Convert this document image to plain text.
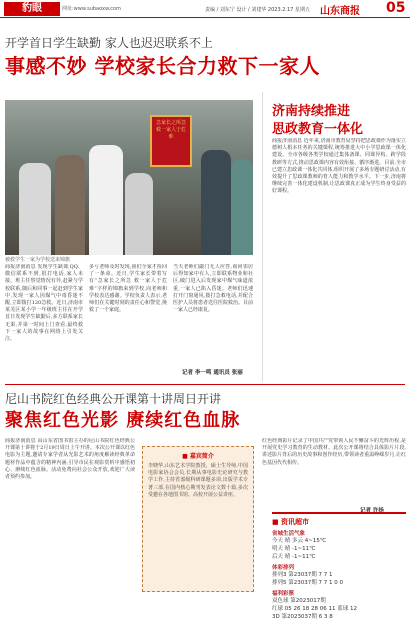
豹眼	网址:www.subaoxw.com	责编 / 刘东宁 设计 / 刘建华 2023.2.17 星期五 山东商报 05
开学首日学生缺勤 家人也迟迟联系不上
事感不妙 学校家长合力救下一家人
急家长之所急 救一家人于危难
被救学生一家为学校送来锦旗
商报济南消息 发现学生缺课,QQ、微信联系不到,很打电话,家人未接。班主任察觉情况有异,赶紧与学校联系,随后和同事一起赶到学生家中,发现一家人因煤气中毒昏迷不醒,立即拨打120急救。近日,济南市莱芜区某小学一年级班主任在开学首日发现学生缺勤后,多方联系家长无果,并第一时间上门查看,最终救下一家人的故事在网络上引发关注。
多亏老师及时发现,我们全家才捡回了一条命。近日,学生家长带着写有“急家长之所急 救一家人于危难”字样的锦旗来到学校,向老师和学校表达感谢。学校负责人表示,老师们在关键时刻的责任心和警觉,挽救了一个家庭。
当天老师们敲门无人应答,询问邻居后得知家中有人,立即联系物业和社区,破门进入后发现家中煤气味道浓重,一家人已陷入昏迷。老师们迅速打开门窗通风,拨打急救电话,并配合医护人员将患者送往医院救治。目前一家人已经康复。
记者 李一鸣 通讯员 张丽
济南持续推进
思政教育一体化
商报济南消息 近年来,济南市教育局坚持把思政课作为落实立德树人根本任务的关键课程,统筹推进大中小学思政课一体化建设。全市各级各类学校通过集体备课、同课异构、跨学段教研等方式,推动思政课内容有效衔接、循序渐进。目前,全市已建立思政课一体化共同体,组织开展了多场专题研讨活动,有效提升了思政课教师的育人能力和教学水平。下一步,济南将继续完善一体化建设机制,让思政课真正成为学生终身受益的好课程。
尼山书院红色经典公开课第十讲周日开讲
聚焦红色光影 赓续红色血脉
商报济南消息 由山东省图书馆主办的尼山书院红色经典公开课第十讲将于2月19日周日上午开讲。本次公开课以红色电影为主题,邀请专家学者从光影艺术的角度解读经典革命题材作品中蕴含的精神内涵,引导市民在观影赏析中感悟初心、赓续红色血脉。活动免费向社会公众开放,欢迎广大读者预约参加。
■ 嘉宾简介
李晓华,山东艺术学院教授、硕士生导师,中国电影家协会会员,长期从事电影史论研究与教学工作,主持省部级科研课题多项,出版学术专著三部,在国内核心期刊发表论文数十篇,多次受邀在各地图书馆、高校开展公益讲座。
红色经典影片记录了中国共产党带领人民不懈奋斗的光辉历程,是开展党史学习教育的生动教材。此次公开课将结合具体影片片段,讲述影片背后的历史故事和创作经历,带领读者重温峥嵘岁月,让红色基因代代相传。
记者 许扬
■ 资讯超市
省城生活气象
今天 晴 多云 4~15℃
明天 晴 -1~11℃
后天 晴 -1~11℃
体彩排列
排列3 第23037期 7 7 1
排列5 第23037期 7 7 1 0 0
福利彩票
双色球 第2023017期
红球 05 26 18 28 06 11 蓝球 12
3D 第2023037期 6 3 8
